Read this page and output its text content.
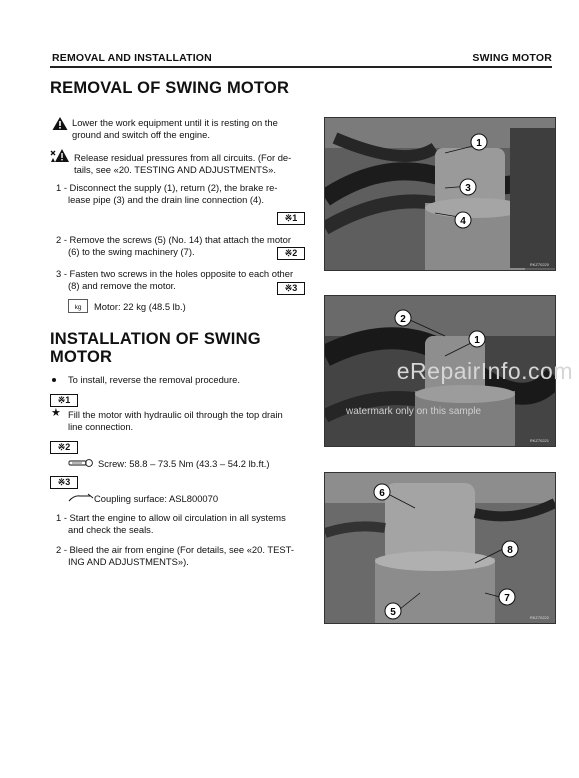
REMOVAL AND INSTALLATION	SWING MOTOR
REMOVAL OF SWING MOTOR
Lower the work equipment until it is resting on the
ground and switch off the engine.
Release residual pressures from all circuits. (For de-
tails, see «20. TESTING AND ADJUSTMENTS».
1 - Disconnect the supply (1), return (2), the brake re-
lease pipe (3) and the drain line connection (4).
※1
2 - Remove the screws (5) (No. 14) that attach the motor
(6) to the swing machinery (7).	※2
3 - Fasten two screws in the holes opposite to each other
(8) and remove the motor.	※3
kg Motor: 22 kg (48.5 lb.)
INSTALLATION OF SWING
MOTOR
To install, reverse the removal procedure.
※1
★ Fill the motor with hydraulic oil through the top drain
line connection.
※2
Screw: 58.8 – 73.5 Nm (43.3 – 54.2 lb.ft.)
※3
Coupling surface: ASL800070
1 - Start the engine to allow oil circulation in all systems
and check the seals.
2 - Bleed the air from engine (For details, see «20. TEST-
ING AND ADJUSTMENTS»).
1
3
4
RKZ70220
2
1
RKZ70221
6
8
5
7
RKZ70222
eRepairInfo.com
watermark only on this sample
